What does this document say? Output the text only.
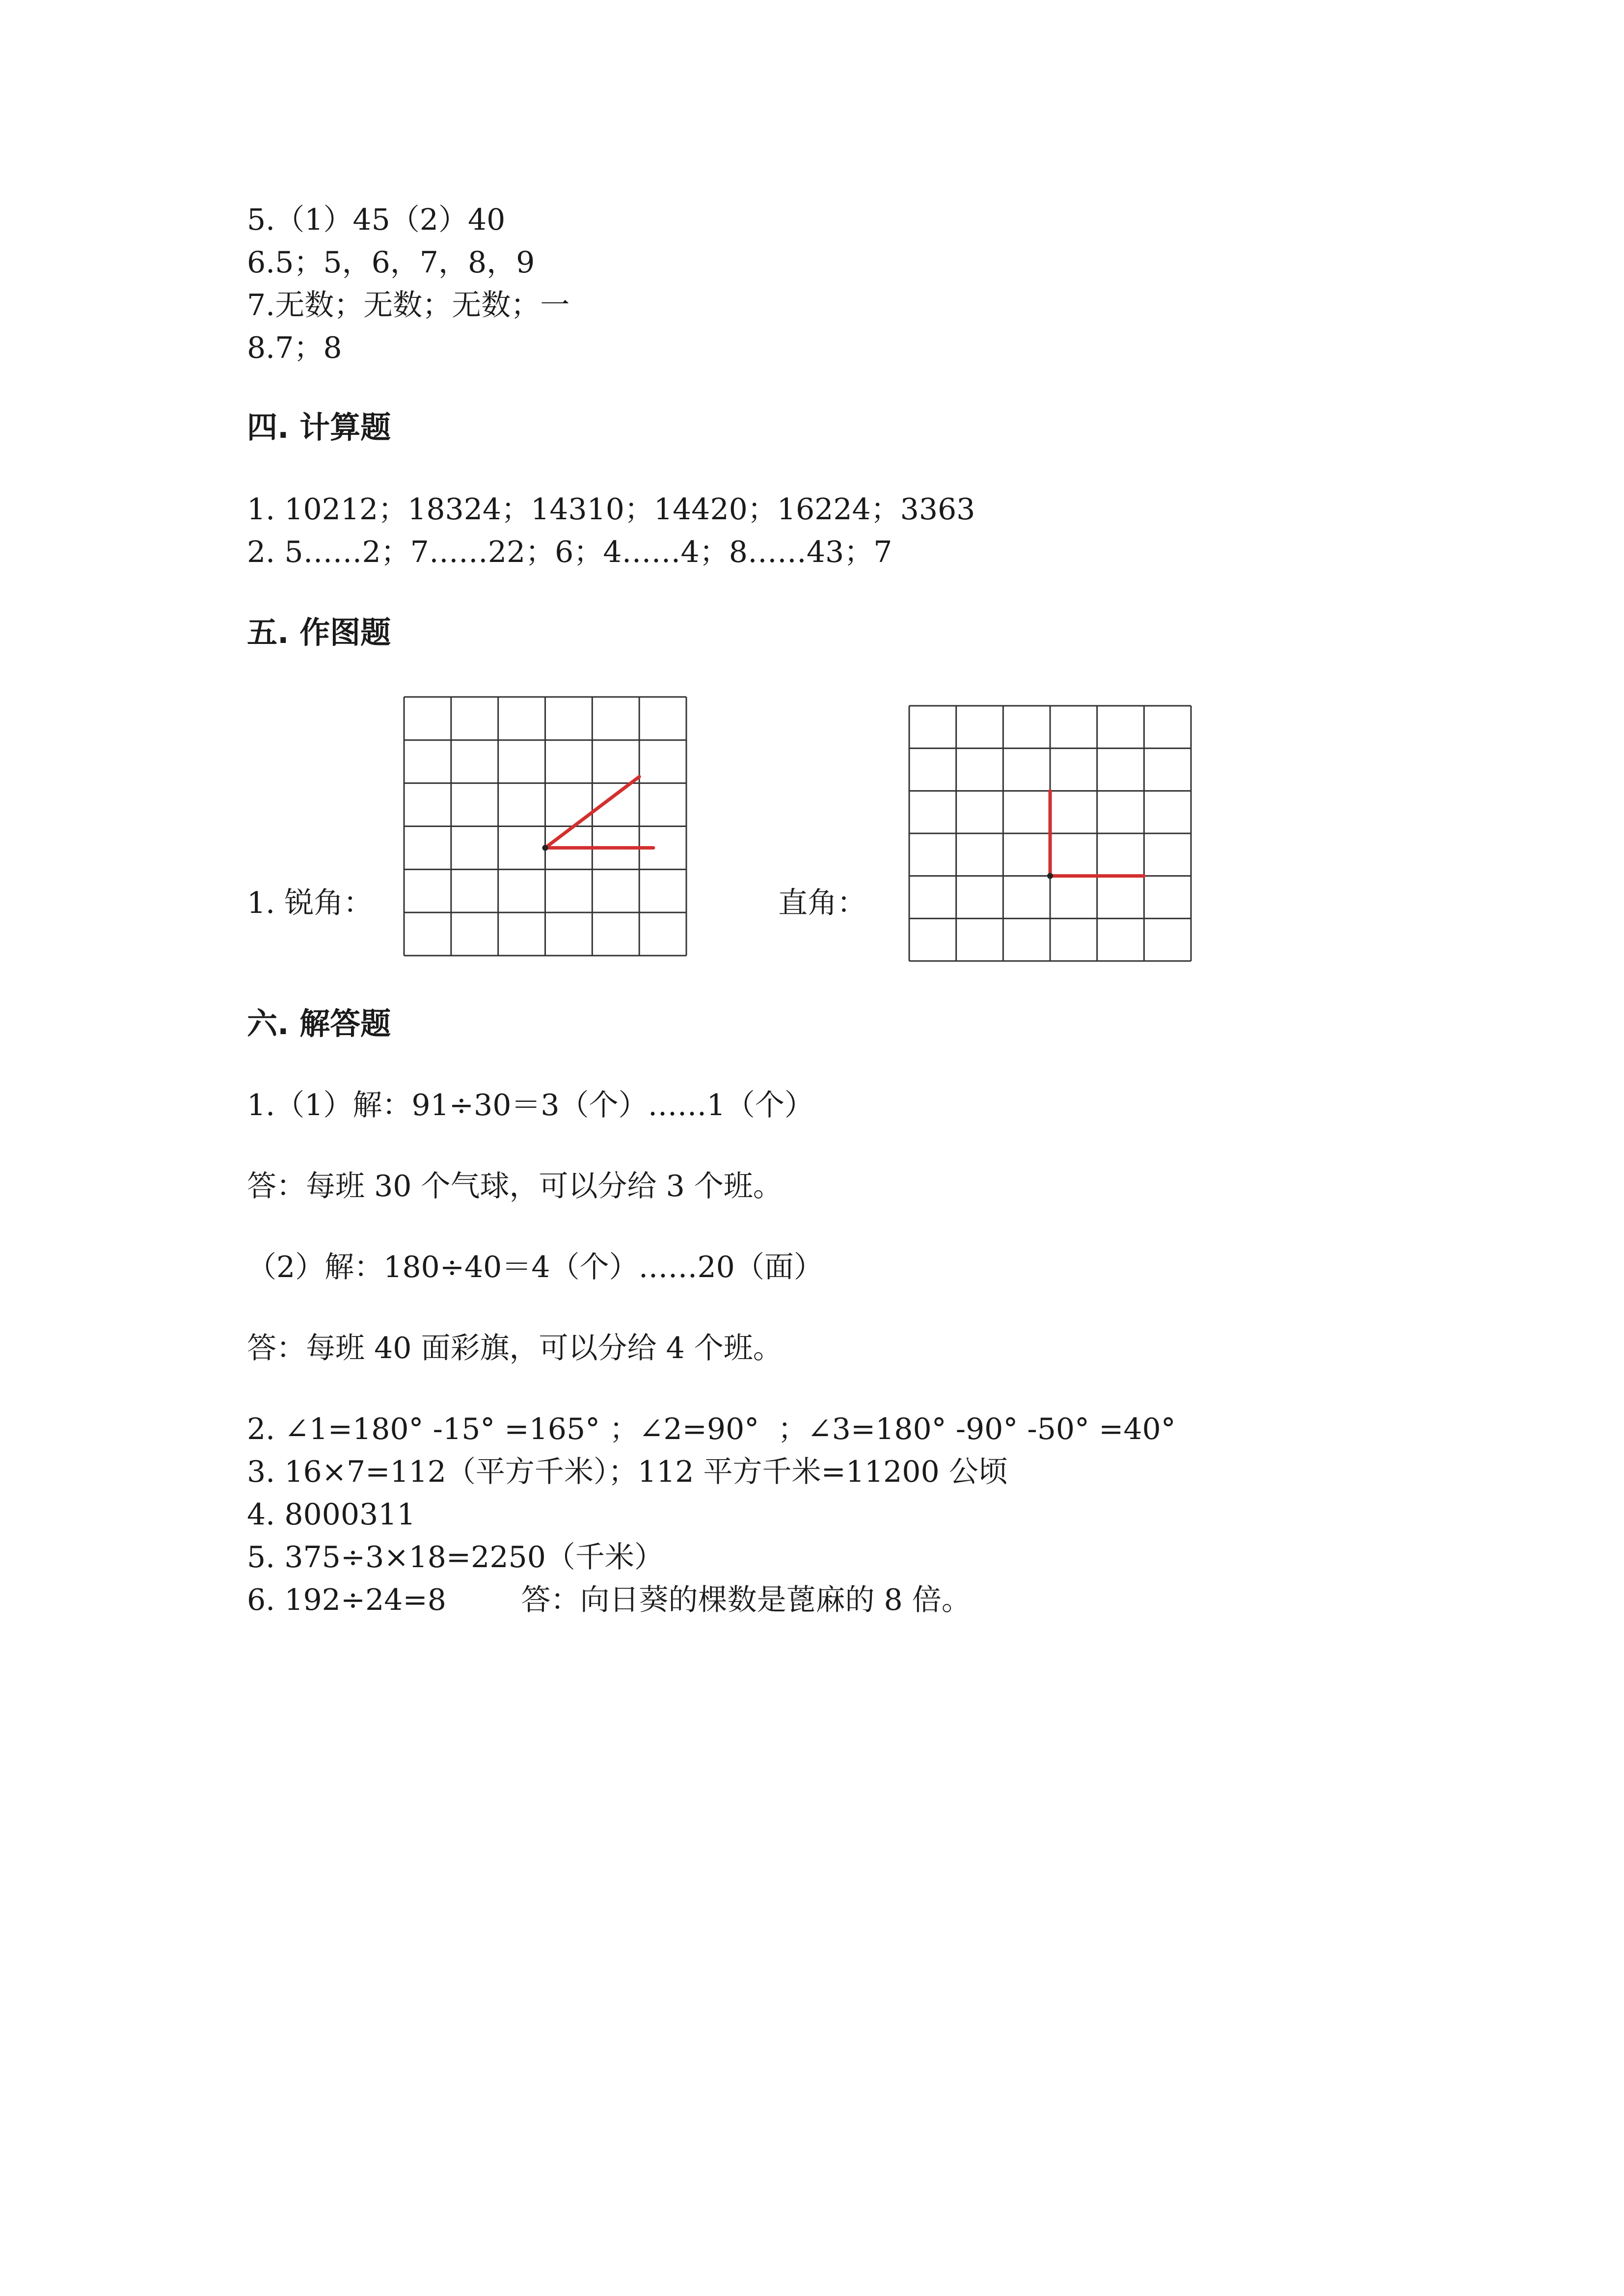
5.（1）45（2）40
6.5；5，6，7，8，9
7.无数；无数；无数；一
8.7；8
四. 计算题
1. 10212；18324；14310；14420；16224；3363
2. 5……2；7……22；6；4……4；8……43；7
五. 作图题
1. 锐角：	直角：
六. 解答题
1.（1）解：91÷30＝3（个）……1（个）
答：每班 30 个气球，可以分给 3 个班。
（2）解：180÷40＝4（个）……20（面）
答：每班 40 面彩旗，可以分给 4 个班。
2. ∠1=180° -15° =165° ；∠2=90°  ；∠3=180° -90° -50° =40°
3. 16×7=112（平方千米）；112 平方千米=11200 公顷
4. 8000311
5. 375÷3×18=2250（千米）
6. 192÷24=8        答：向日葵的棵数是蓖麻的 8 倍。
